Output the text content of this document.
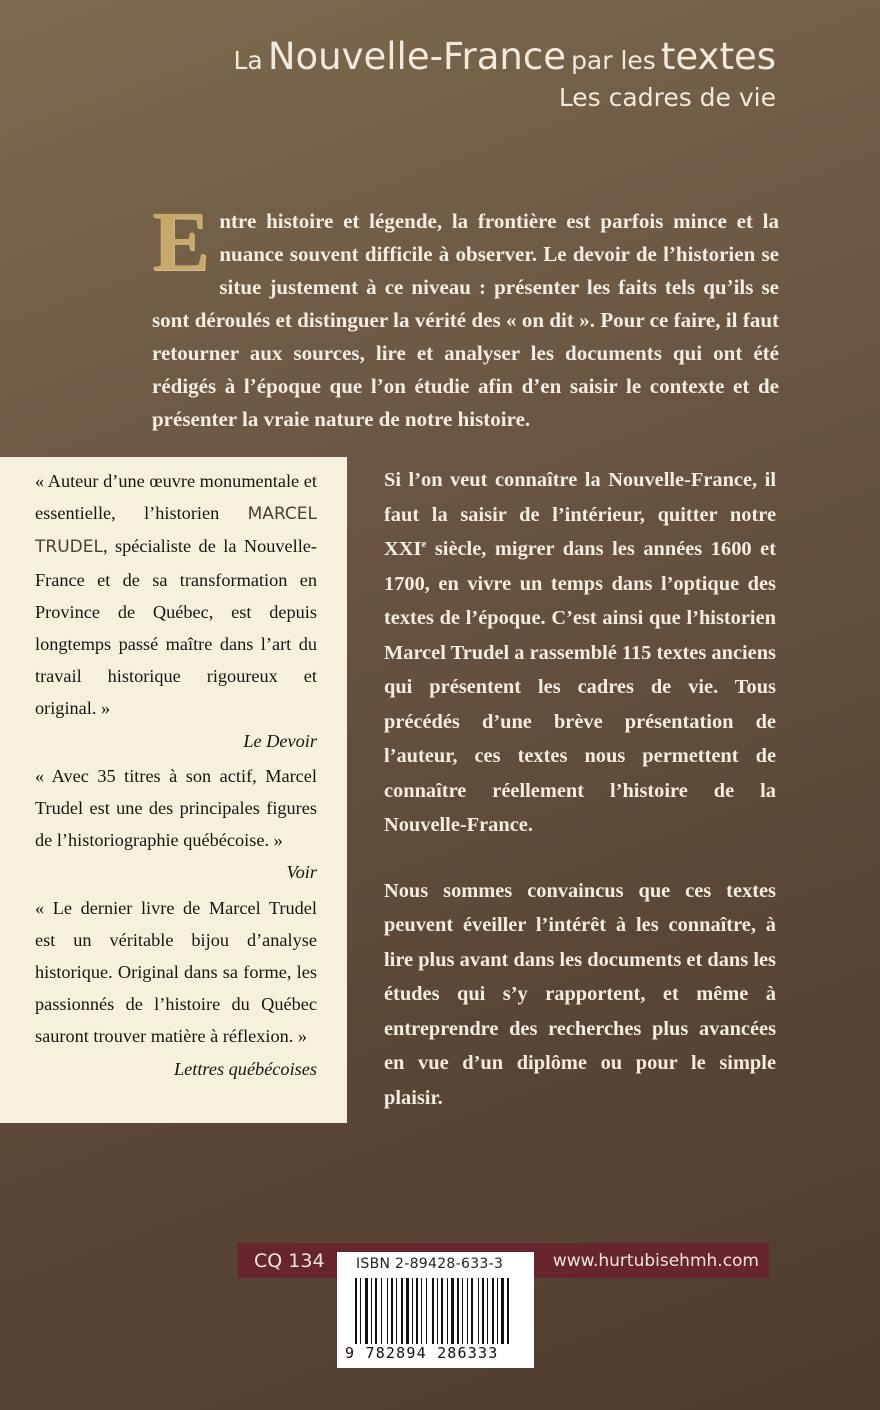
La Nouvelle-France par les textes
Les cadres de vie
Entre histoire et légende, la frontière est parfois mince et la nuance souvent difficile à observer. Le devoir de l’historien se situe justement à ce niveau : présenter les faits tels qu’ils se sont déroulés et distinguer la vérité des « on dit ». Pour ce faire, il faut retourner aux sources, lire et analyser les documents qui ont été rédigés à l’époque que l’on étudie afin d’en saisir le contexte et de présenter la vraie nature de notre histoire.
« Auteur d’une œuvre monumentale et essentielle, l’historien MARCEL TRUDEL, spécialiste de la Nouvelle-France et de sa transformation en Province de Québec, est depuis longtemps passé maître dans l’art du travail historique rigoureux et original. »
Le Devoir
« Avec 35 titres à son actif, Marcel Trudel est une des principales figures de l’historiographie québécoise. »
Voir
« Le dernier livre de Marcel Trudel est un véritable bijou d’analyse historique. Original dans sa forme, les passionnés de l’histoire du Québec sauront trouver matière à réflexion. »
Lettres québécoises

Si l’on veut connaître la Nouvelle-France, il faut la saisir de l’intérieur, quitter notre XXIe siècle, migrer dans les années 1600 et 1700, en vivre un temps dans l’optique des textes de l’époque. C’est ainsi que l’historien Marcel Trudel a rassemblé 115 textes anciens qui présentent les cadres de vie. Tous précédés d’une brève présentation de l’auteur, ces textes nous permettent de connaître réellement l’histoire de la Nouvelle-France.

Nous sommes convaincus que ces textes peuvent éveiller l’intérêt à les connaître, à lire plus avant dans les documents et dans les études qui s’y rapportent, et même à entreprendre des recherches plus avancées en vue d’un diplôme ou pour le simple plaisir.

CQ 134	www.hurtubisehmh.com
ISBN 2-89428-633-3
9 782894 286333
